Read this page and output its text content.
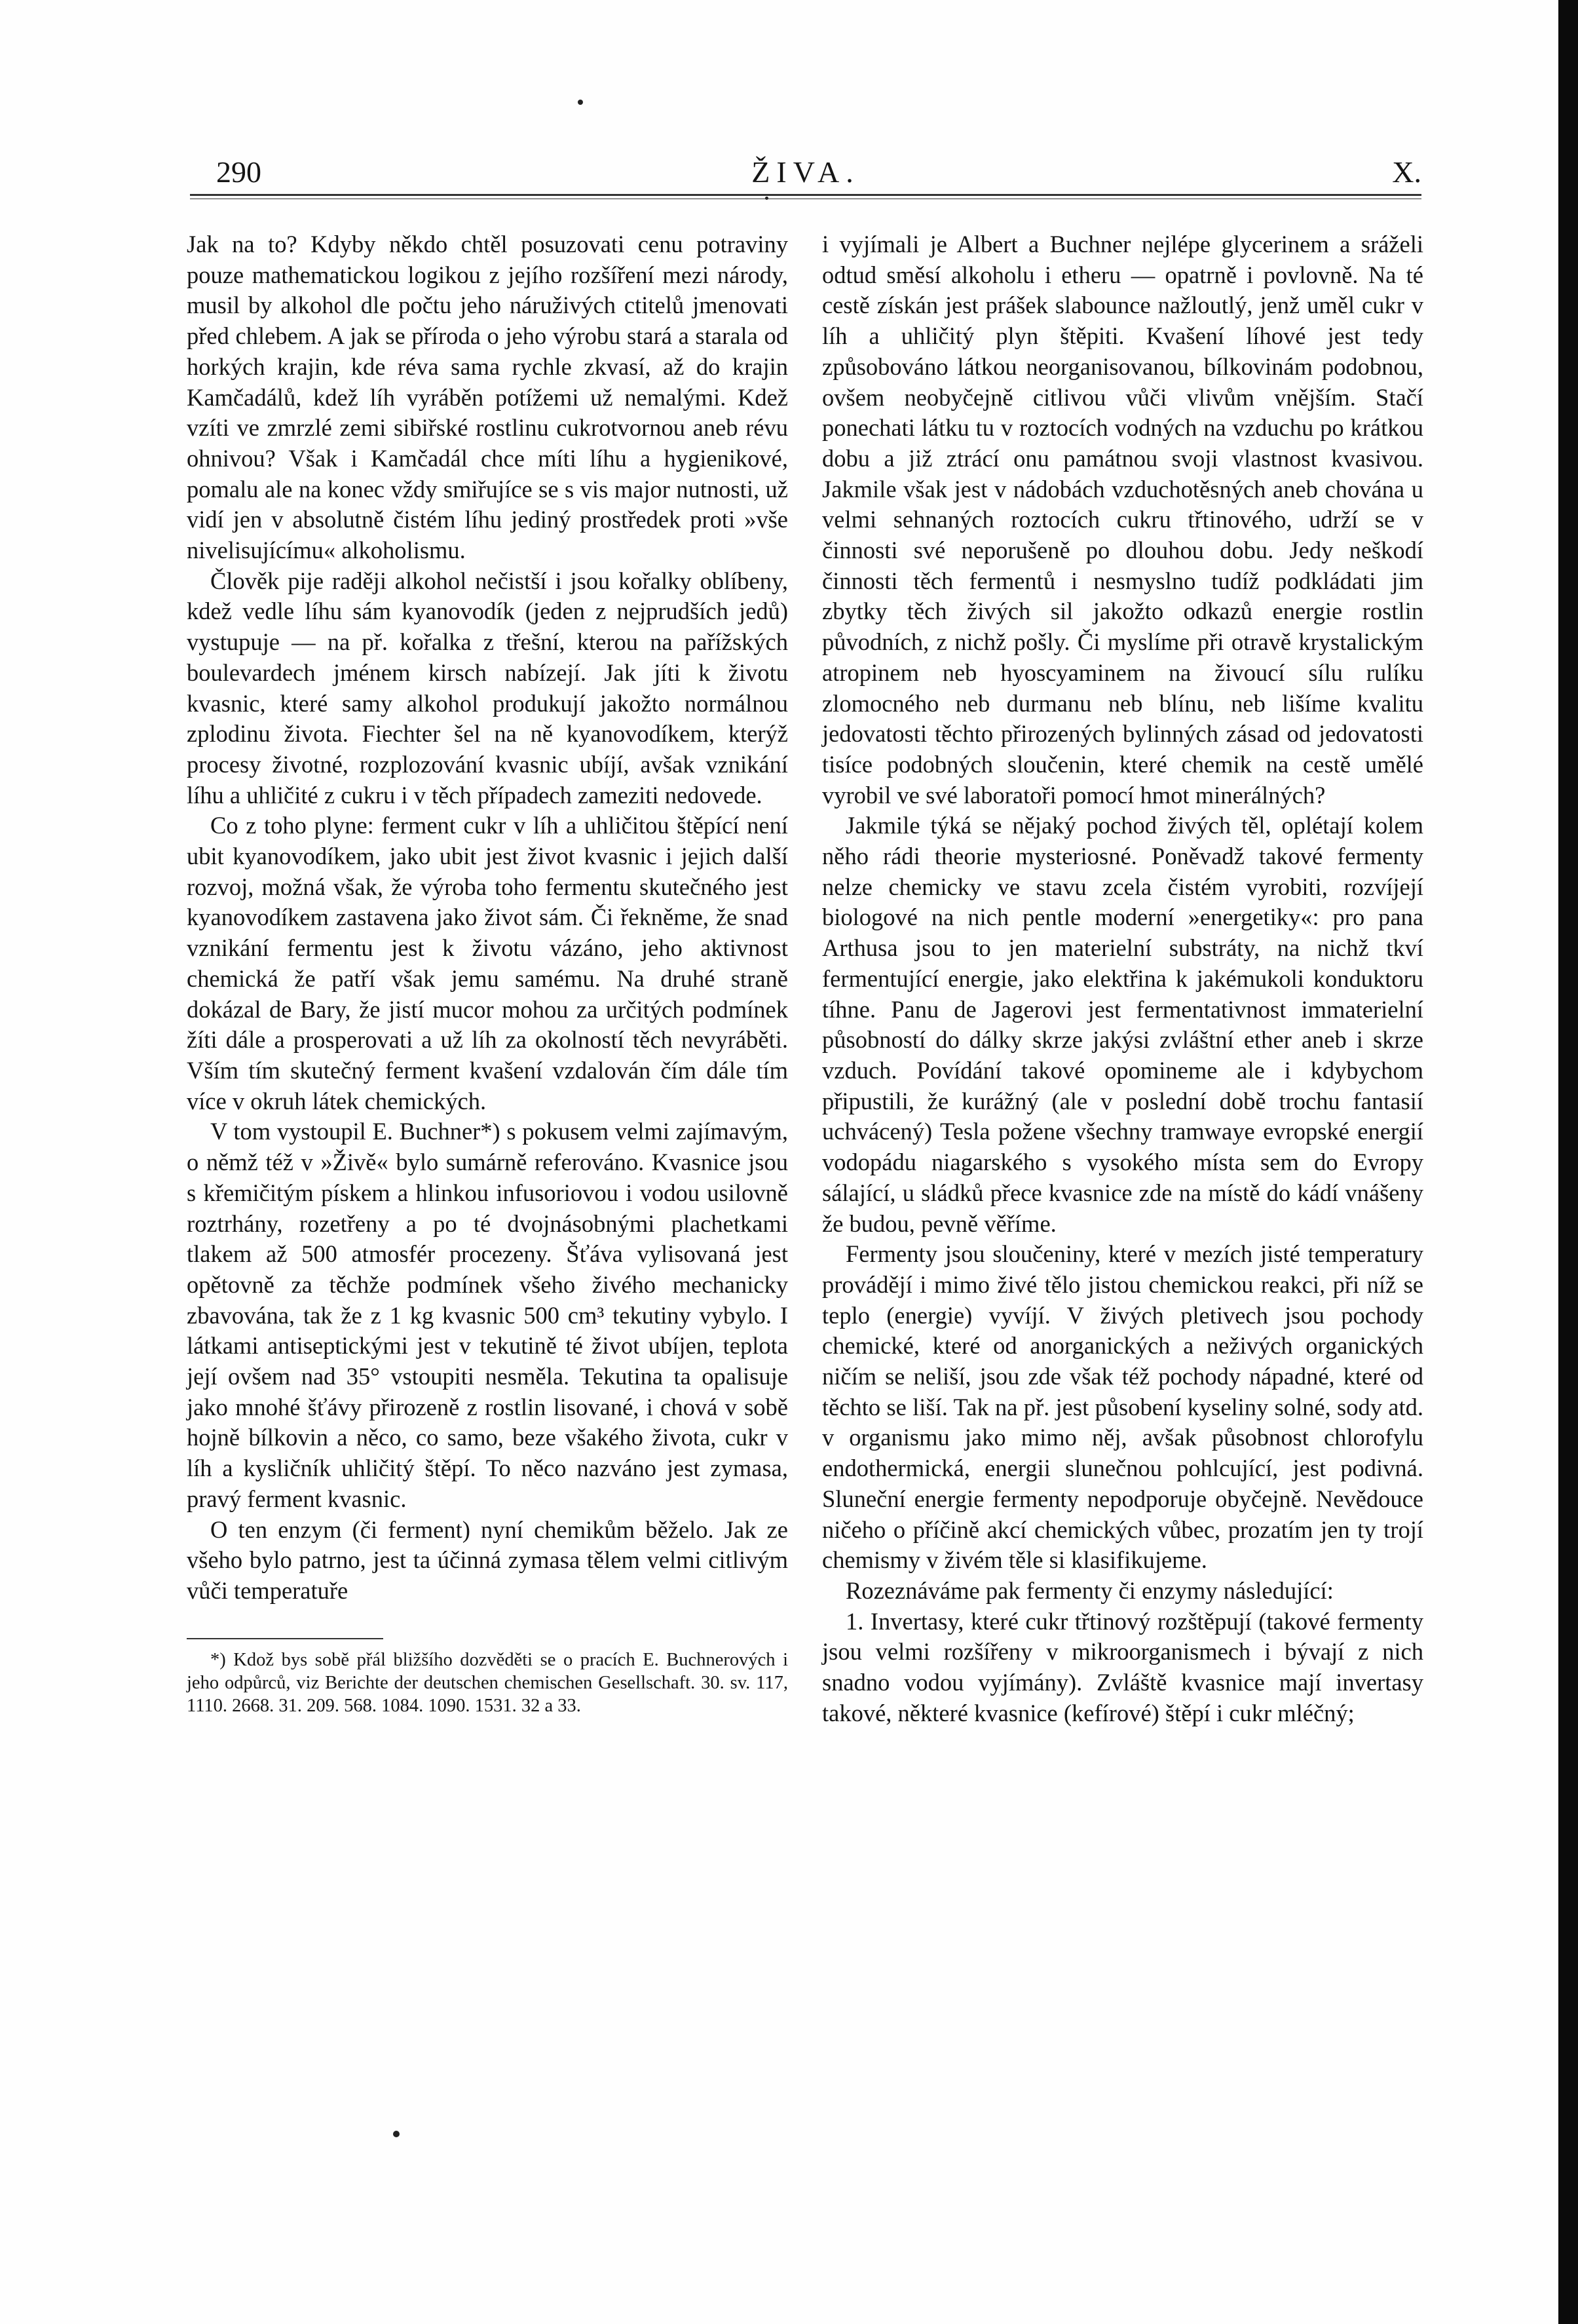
290	ŽIVA.	X.

Jak na to? Kdyby někdo chtěl posuzovati cenu potraviny pouze mathematickou logikou z jejího rozšíření mezi národy, musil by alkohol dle počtu jeho náruživých ctitelů jmenovati před chlebem. A jak se příroda o jeho výrobu stará a starala od horkých krajin, kde réva sama rychle zkvasí, až do krajin Kamčadálů, kdež líh vyráběn potížemi už nemalými. Kdež vzíti ve zmrzlé zemi sibiřské rostlinu cukrotvornou aneb révu ohnivou? Však i Kamčadál chce míti líhu a hygienikové, pomalu ale na konec vždy smiřujíce se s vis major nutnosti, už vidí jen v absolutně čistém líhu jediný prostředek proti »vše nivelisujícímu« alkoholismu.

Člověk pije raději alkohol nečistší i jsou kořalky oblíbeny, kdež vedle líhu sám kyanovodík (jeden z nejprudších jedů) vystupuje — na př. kořalka z třešní, kterou na pařížských boulevardech jménem kirsch nabízejí. Jak jíti k životu kvasnic, které samy alkohol produkují jakožto normálnou zplodinu života. Fiechter šel na ně kyanovodíkem, kterýž procesy životné, rozplozování kvasnic ubíjí, avšak vznikání líhu a uhličité z cukru i v těch případech zameziti nedovede.

Co z toho plyne: ferment cukr v líh a uhličitou štěpící není ubit kyanovodíkem, jako ubit jest život kvasnic i jejich další rozvoj, možná však, že výroba toho fermentu skutečného jest kyanovodíkem zastavena jako život sám. Či řekněme, že snad vznikání fermentu jest k životu vázáno, jeho aktivnost chemická že patří však jemu samému. Na druhé straně dokázal de Bary, že jistí mucor mohou za určitých podmínek žíti dále a prosperovati a už líh za okolností těch nevyráběti. Vším tím skutečný ferment kvašení vzdalován čím dále tím více v okruh látek chemických.

V tom vystoupil E. Buchner*) s pokusem velmi zajímavým, o němž též v »Živě« bylo sumárně referováno. Kvasnice jsou s křemičitým pískem a hlinkou infusoriovou i vodou usilovně roztrhány, rozetřeny a po té dvojnásobnými plachetkami tlakem až 500 atmosfér procezeny. Šťáva vylisovaná jest opětovně za těchže podmínek všeho živého mechanicky zbavována, tak že z 1 kg kvasnic 500 cm³ tekutiny vybylo. I látkami antiseptickými jest v tekutině té život ubíjen, teplota její ovšem nad 35° vstoupiti nesměla. Tekutina ta opalisuje jako mnohé šťávy přirozeně z rostlin lisované, i chová v sobě hojně bílkovin a něco, co samo, beze všakého života, cukr v líh a kysličník uhličitý štěpí. To něco nazváno jest zymasa, pravý ferment kvasnic.

O ten enzym (či ferment) nyní chemikům běželo. Jak ze všeho bylo patrno, jest ta účinná zymasa tělem velmi citlivým vůči temperatuře

*) Kdož bys sobě přál bližšího dozvěděti se o pracích E. Buchnerových i jeho odpůrců, viz Berichte der deutschen chemischen Gesellschaft. 30. sv. 117, 1110. 2668. 31. 209. 568. 1084. 1090. 1531. 32 a 33.

i vyjímali je Albert a Buchner nejlépe glycerinem a sráželi odtud směsí alkoholu i etheru — opatrně i povlovně. Na té cestě získán jest prášek slabounce nažloutlý, jenž uměl cukr v líh a uhličitý plyn štěpiti. Kvašení líhové jest tedy způsobováno látkou neorganisovanou, bílkovinám podobnou, ovšem neobyčejně citlivou vůči vlivům vnějším. Stačí ponechati látku tu v roztocích vodných na vzduchu po krátkou dobu a již ztrácí onu památnou svoji vlastnost kvasivou. Jakmile však jest v nádobách vzduchotěsných aneb chována u velmi sehnaných roztocích cukru třtinového, udrží se v činnosti své neporušeně po dlouhou dobu. Jedy neškodí činnosti těch fermentů i nesmyslno tudíž podkládati jim zbytky těch živých sil jakožto odkazů energie rostlin původních, z nichž pošly. Či myslíme při otravě krystalickým atropinem neb hyoscyaminem na živoucí sílu rulíku zlomocného neb durmanu neb blínu, neb lišíme kvalitu jedovatosti těchto přirozených bylinných zásad od jedovatosti tisíce podobných sloučenin, které chemik na cestě umělé vyrobil ve své laboratoři pomocí hmot minerálných?

Jakmile týká se nějaký pochod živých těl, oplétají kolem něho rádi theorie mysteriosné. Poněvadž takové fermenty nelze chemicky ve stavu zcela čistém vyrobiti, rozvíjejí biologové na nich pentle moderní »energetiky«: pro pana Arthusa jsou to jen materielní substráty, na nichž tkví fermentující energie, jako elektřina k jakémukoli konduktoru tíhne. Panu de Jagerovi jest fermentativnost immaterielní působností do dálky skrze jakýsi zvláštní ether aneb i skrze vzduch. Povídání takové opomineme ale i kdybychom připustili, že kurážný (ale v poslední době trochu fantasií uchvácený) Tesla požene všechny tramwaye evropské energií vodopádu niagarského s vysokého místa sem do Evropy sálající, u sládků přece kvasnice zde na místě do kádí vnášeny že budou, pevně věříme.

Fermenty jsou sloučeniny, které v mezích jisté temperatury provádějí i mimo živé tělo jistou chemickou reakci, při níž se teplo (energie) vyvíjí. V živých pletivech jsou pochody chemické, které od anorganických a neživých organických ničím se neliší, jsou zde však též pochody nápadné, které od těchto se liší. Tak na př. jest působení kyseliny solné, sody atd. v organismu jako mimo něj, avšak působnost chlorofylu endothermická, energii slunečnou pohlcující, jest podivná. Sluneční energie fermenty nepodporuje obyčejně. Nevědouce ničeho o příčině akcí chemických vůbec, prozatím jen ty trojí chemismy v živém těle si klasifikujeme.

Rozeznáváme pak fermenty či enzymy následující:

1. Invertasy, které cukr třtinový rozštěpují (takové fermenty jsou velmi rozšířeny v mikroorganismech i bývají z nich snadno vodou vyjímány). Zvláště kvasnice mají invertasy takové, některé kvasnice (kefírové) štěpí i cukr mléčný;
